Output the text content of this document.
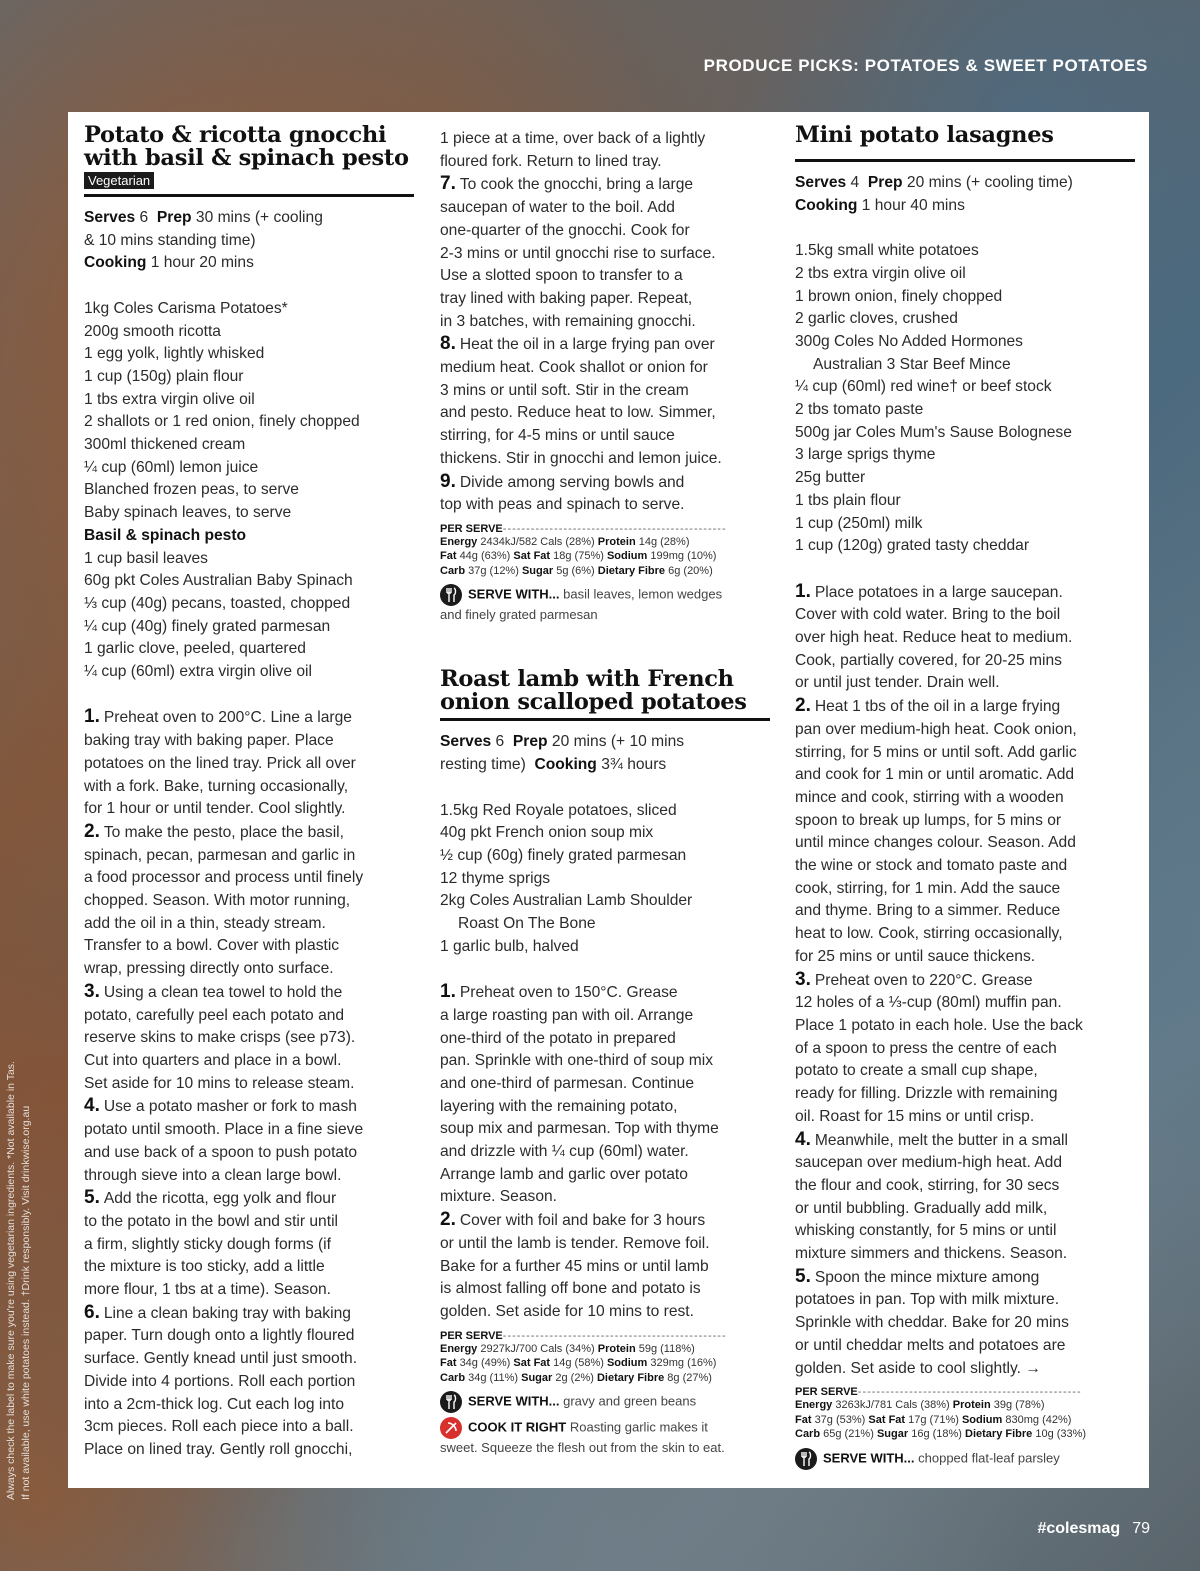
PRODUCE PICKS: POTATOES & SWEET POTATOES
Always check the label to make sure you're using vegetarian ingredients. *Not available in Tas. If not available, use white potatoes instead. †Drink responsibly. Visit drinkwise.org.au
Potato & ricotta gnocchi
with basil & spinach pesto
Vegetarian
Serves 6 Prep 30 mins (+ cooling
& 10 mins standing time)
Cooking 1 hour 20 mins
1kg Coles Carisma Potatoes*
200g smooth ricotta
1 egg yolk, lightly whisked
1 cup (150g) plain flour
1 tbs extra virgin olive oil
2 shallots or 1 red onion, finely chopped
300ml thickened cream
¼ cup (60ml) lemon juice
Blanched frozen peas, to serve
Baby spinach leaves, to serve
Basil & spinach pesto
1 cup basil leaves
60g pkt Coles Australian Baby Spinach
⅓ cup (40g) pecans, toasted, chopped
¼ cup (40g) finely grated parmesan
1 garlic clove, peeled, quartered
¼ cup (60ml) extra virgin olive oil
1. Preheat oven to 200°C. Line a large
baking tray with baking paper. Place
potatoes on the lined tray. Prick all over
with a fork. Bake, turning occasionally,
for 1 hour or until tender. Cool slightly.
2. To make the pesto, place the basil,
spinach, pecan, parmesan and garlic in
a food processor and process until finely
chopped. Season. With motor running,
add the oil in a thin, steady stream.
Transfer to a bowl. Cover with plastic
wrap, pressing directly onto surface.
3. Using a clean tea towel to hold the
potato, carefully peel each potato and
reserve skins to make crisps (see p73).
Cut into quarters and place in a bowl.
Set aside for 10 mins to release steam.
4. Use a potato masher or fork to mash
potato until smooth. Place in a fine sieve
and use back of a spoon to push potato
through sieve into a clean large bowl.
5. Add the ricotta, egg yolk and flour
to the potato in the bowl and stir until
a firm, slightly sticky dough forms (if
the mixture is too sticky, add a little
more flour, 1 tbs at a time). Season.
6. Line a clean baking tray with baking
paper. Turn dough onto a lightly floured
surface. Gently knead until just smooth.
Divide into 4 portions. Roll each portion
into a 2cm-thick log. Cut each log into
3cm pieces. Roll each piece into a ball.
Place on lined tray. Gently roll gnocchi,
1 piece at a time, over back of a lightly
floured fork. Return to lined tray.
7. To cook the gnocchi, bring a large
saucepan of water to the boil. Add
one-quarter of the gnocchi. Cook for
2-3 mins or until gnocchi rise to surface.
Use a slotted spoon to transfer to a
tray lined with baking paper. Repeat,
in 3 batches, with remaining gnocchi.
8. Heat the oil in a large frying pan over
medium heat. Cook shallot or onion for
3 mins or until soft. Stir in the cream
and pesto. Reduce heat to low. Simmer,
stirring, for 4-5 mins or until sauce
thickens. Stir in gnocchi and lemon juice.
9. Divide among serving bowls and
top with peas and spinach to serve.
PER SERVE------------------------------------------------
Energy 2434kJ/582 Cals (28%) Protein 14g (28%)
Fat 44g (63%) Sat Fat 18g (75%) Sodium 199mg (10%)
Carb 37g (12%) Sugar 5g (6%) Dietary Fibre 6g (20%)
SERVE WITH... basil leaves, lemon wedges
and finely grated parmesan
Roast lamb with French
onion scalloped potatoes
Serves 6 Prep 20 mins (+ 10 mins
resting time) Cooking 3¾ hours
1.5kg Red Royale potatoes, sliced
40g pkt French onion soup mix
½ cup (60g) finely grated parmesan
12 thyme sprigs
2kg Coles Australian Lamb Shoulder
Roast On The Bone
1 garlic bulb, halved
1. Preheat oven to 150°C. Grease
a large roasting pan with oil. Arrange
one-third of the potato in prepared
pan. Sprinkle with one-third of soup mix
and one-third of parmesan. Continue
layering with the remaining potato,
soup mix and parmesan. Top with thyme
and drizzle with ¼ cup (60ml) water.
Arrange lamb and garlic over potato
mixture. Season.
2. Cover with foil and bake for 3 hours
or until the lamb is tender. Remove foil.
Bake for a further 45 mins or until lamb
is almost falling off bone and potato is
golden. Set aside for 10 mins to rest.
PER SERVE------------------------------------------------
Energy 2927kJ/700 Cals (34%) Protein 59g (118%)
Fat 34g (49%) Sat Fat 14g (58%) Sodium 329mg (16%)
Carb 34g (11%) Sugar 2g (2%) Dietary Fibre 8g (27%)
SERVE WITH... gravy and green beans
COOK IT RIGHT Roasting garlic makes it
sweet. Squeeze the flesh out from the skin to eat.
Mini potato lasagnes
Serves 4 Prep 20 mins (+ cooling time)
Cooking 1 hour 40 mins
1.5kg small white potatoes
2 tbs extra virgin olive oil
1 brown onion, finely chopped
2 garlic cloves, crushed
300g Coles No Added Hormones
Australian 3 Star Beef Mince
¼ cup (60ml) red wine† or beef stock
2 tbs tomato paste
500g jar Coles Mum's Sause Bolognese
3 large sprigs thyme
25g butter
1 tbs plain flour
1 cup (250ml) milk
1 cup (120g) grated tasty cheddar
1. Place potatoes in a large saucepan.
Cover with cold water. Bring to the boil
over high heat. Reduce heat to medium.
Cook, partially covered, for 20-25 mins
or until just tender. Drain well.
2. Heat 1 tbs of the oil in a large frying
pan over medium-high heat. Cook onion,
stirring, for 5 mins or until soft. Add garlic
and cook for 1 min or until aromatic. Add
mince and cook, stirring with a wooden
spoon to break up lumps, for 5 mins or
until mince changes colour. Season. Add
the wine or stock and tomato paste and
cook, stirring, for 1 min. Add the sauce
and thyme. Bring to a simmer. Reduce
heat to low. Cook, stirring occasionally,
for 25 mins or until sauce thickens.
3. Preheat oven to 220°C. Grease
12 holes of a ⅓-cup (80ml) muffin pan.
Place 1 potato in each hole. Use the back
of a spoon to press the centre of each
potato to create a small cup shape,
ready for filling. Drizzle with remaining
oil. Roast for 15 mins or until crisp.
4. Meanwhile, melt the butter in a small
saucepan over medium-high heat. Add
the flour and cook, stirring, for 30 secs
or until bubbling. Gradually add milk,
whisking constantly, for 5 mins or until
mixture simmers and thickens. Season.
5. Spoon the mince mixture among
potatoes in pan. Top with milk mixture.
Sprinkle with cheddar. Bake for 20 mins
or until cheddar melts and potatoes are
golden. Set aside to cool slightly. →
PER SERVE------------------------------------------------
Energy 3263kJ/781 Cals (38%) Protein 39g (78%)
Fat 37g (53%) Sat Fat 17g (71%) Sodium 830mg (42%)
Carb 65g (21%) Sugar 16g (18%) Dietary Fibre 10g (33%)
SERVE WITH... chopped flat-leaf parsley
#colesmag 79
